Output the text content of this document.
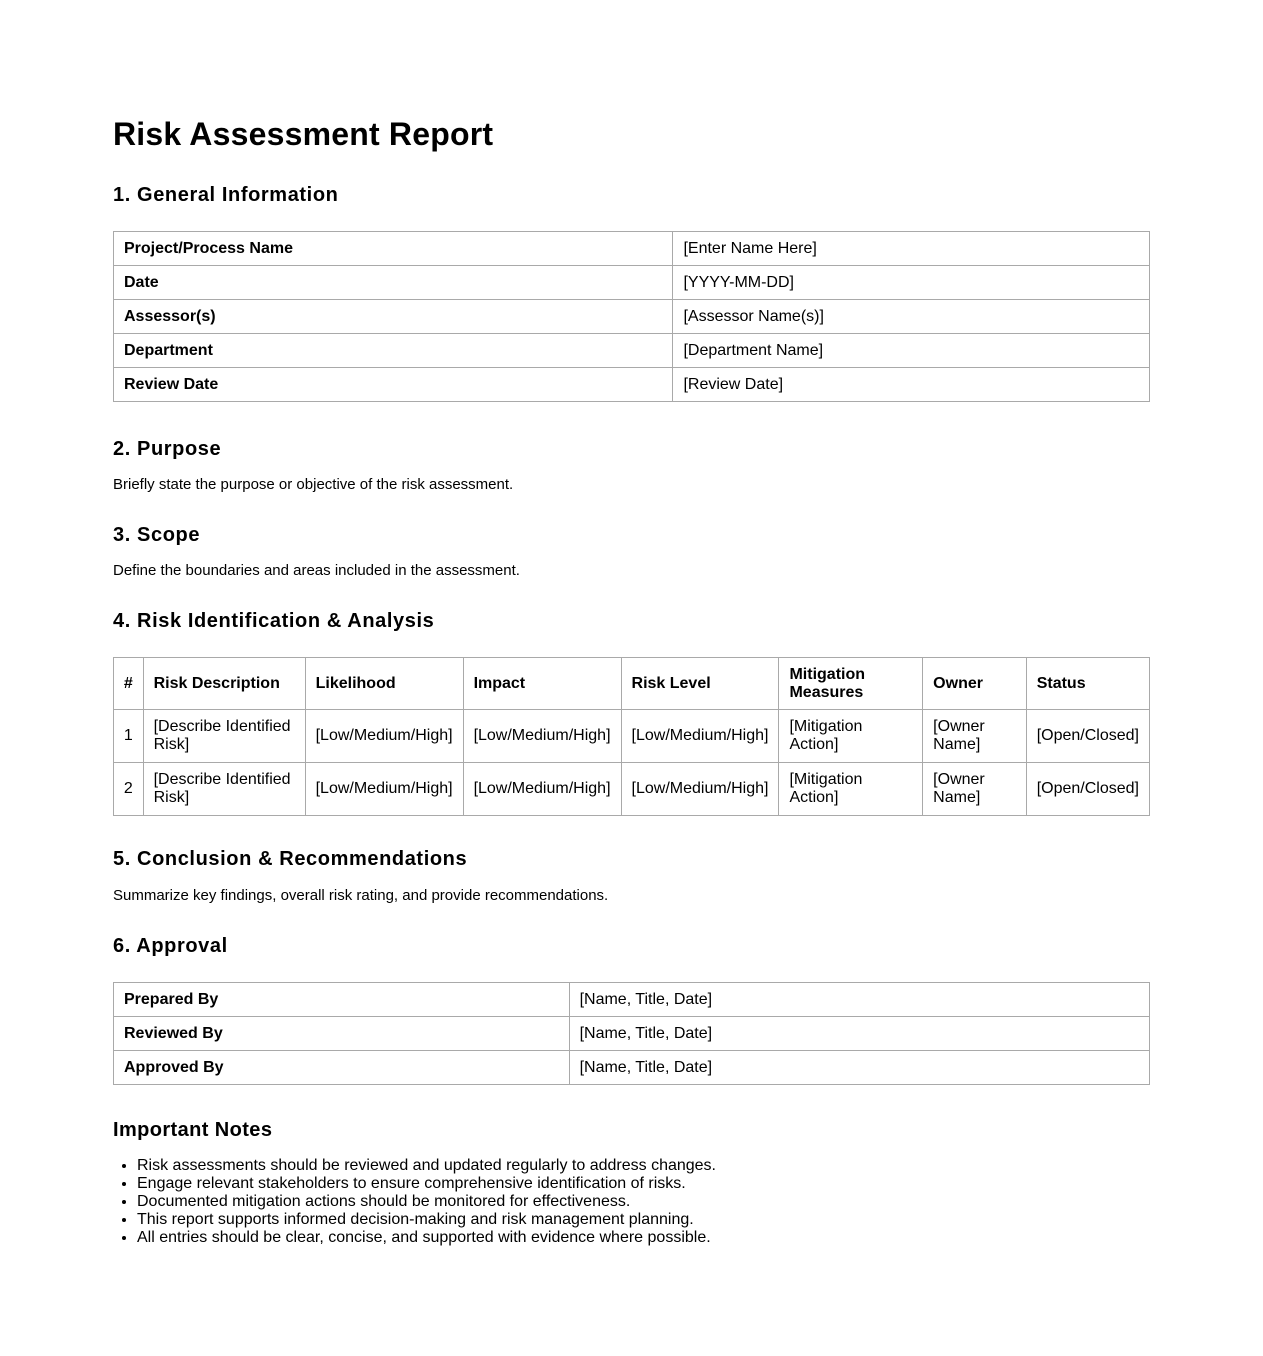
Risk Assessment Report
1. General Information
Project/Process Name	[Enter Name Here]
Date	[YYYY-MM-DD]
Assessor(s)	[Assessor Name(s)]
Department	[Department Name]
Review Date	[Review Date]
2. Purpose

Briefly state the purpose or objective of the risk assessment.

3. Scope

Define the boundaries and areas included in the assessment.

4. Risk Identification & Analysis
#	Risk Description	Likelihood	Impact	Risk Level	Mitigation Measures	Owner	Status
1	[Describe Identified Risk]	[Low/Medium/High]	[Low/Medium/High]	[Low/Medium/High]	[Mitigation Action]	[Owner Name]	[Open/Closed]
2	[Describe Identified Risk]	[Low/Medium/High]	[Low/Medium/High]	[Low/Medium/High]	[Mitigation Action]	[Owner Name]	[Open/Closed]
5. Conclusion & Recommendations

Summarize key findings, overall risk rating, and provide recommendations.

6. Approval
Prepared By	[Name, Title, Date]
Reviewed By	[Name, Title, Date]
Approved By	[Name, Title, Date]
Important Notes
• Risk assessments should be reviewed and updated regularly to address changes.
• Engage relevant stakeholders to ensure comprehensive identification of risks.
• Documented mitigation actions should be monitored for effectiveness.
• This report supports informed decision-making and risk management planning.
• All entries should be clear, concise, and supported with evidence where possible.
